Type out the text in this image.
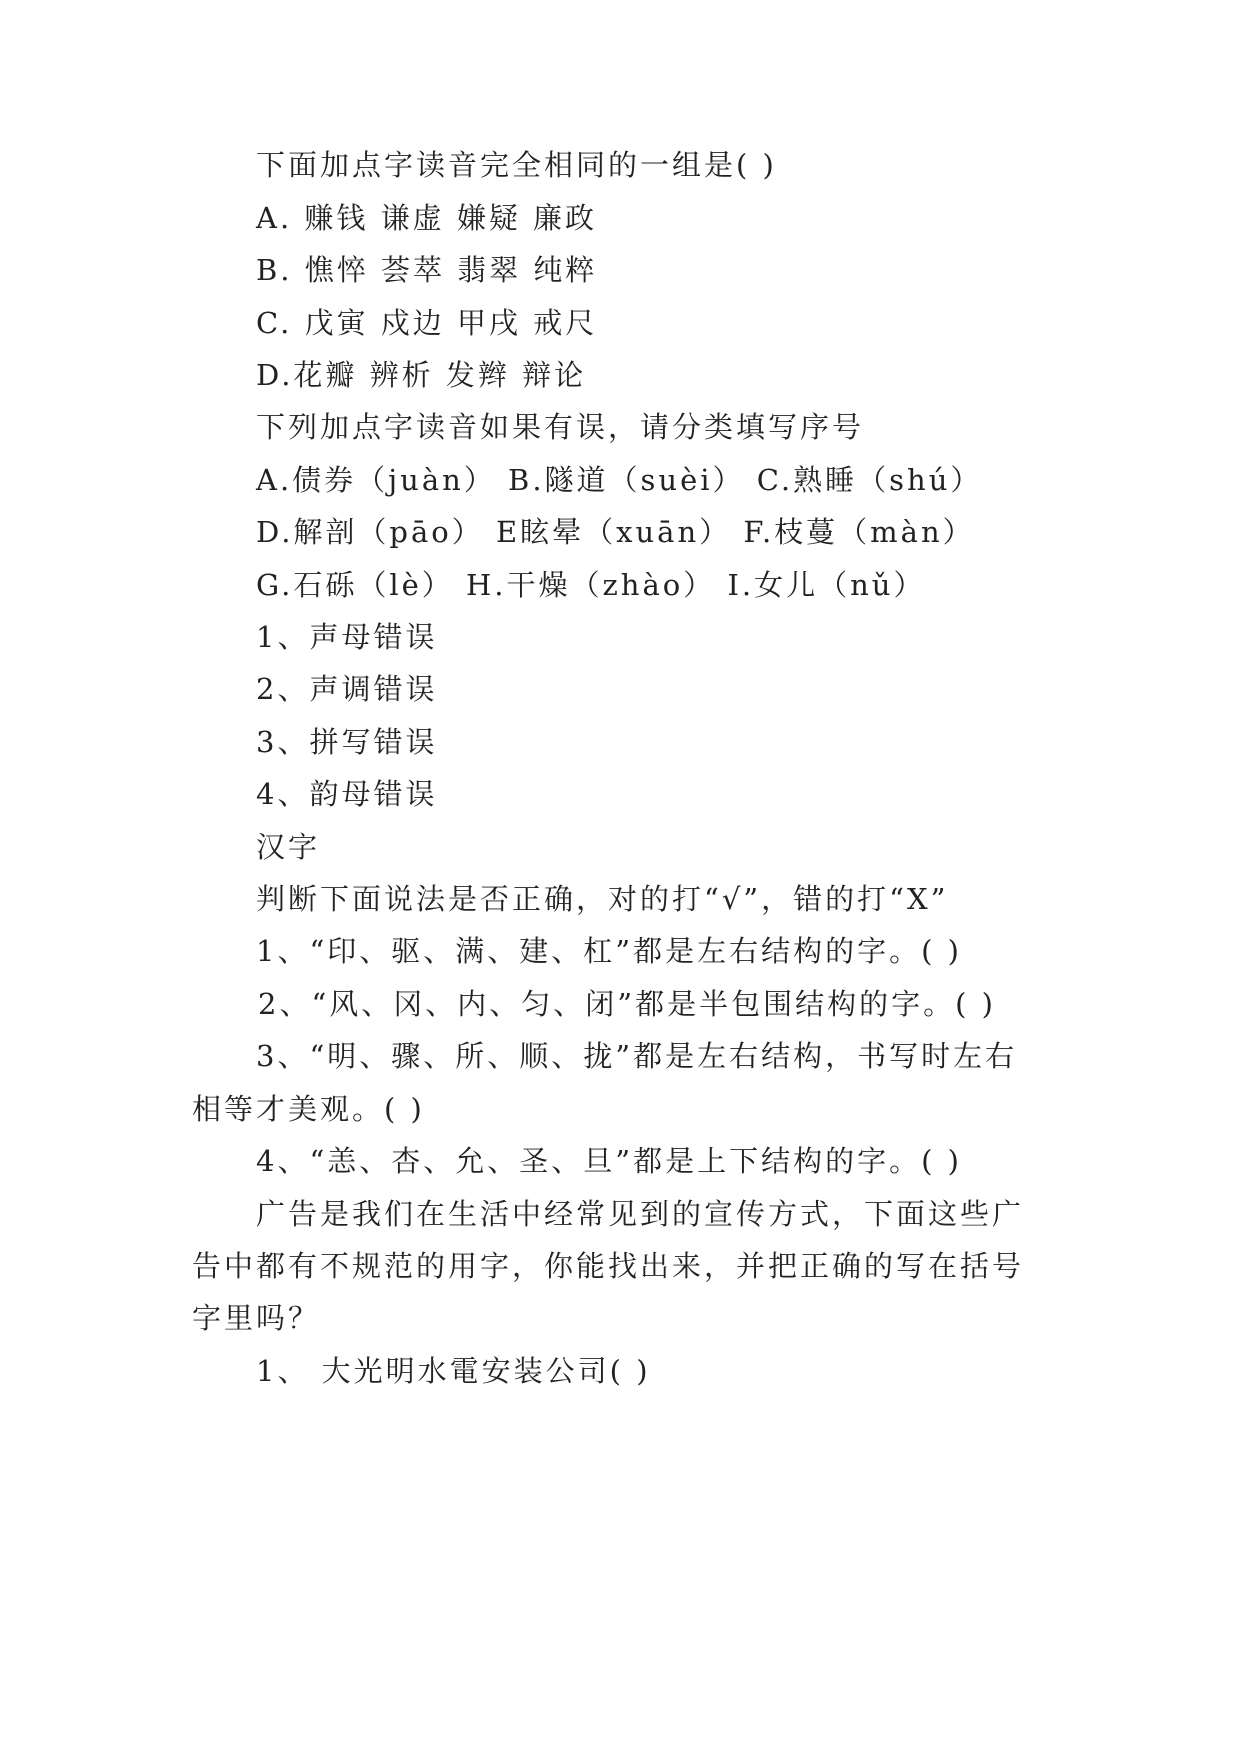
下面加点字读音完全相同的一组是( )
A. 赚钱 谦虚 嫌疑 廉政
B. 憔悴 荟萃 翡翠 纯粹
C. 戊寅 戍边 甲戌 戒尺
D.花瓣 辨析 发辫 辩论
下列加点字读音如果有误，请分类填写序号
A.债券（juàn） B.隧道（suèi） C.熟睡（shú）
D.解剖（pāo） E眩晕（xuān） F.枝蔓（màn）
G.石砾（lè） H.干燥（zhào） I.女儿（nǔ）
1、声母错误
2、声调错误
3、拼写错误
4、韵母错误
汉字
判断下面说法是否正确，对的打“√”，错的打“X”
1、“印、驱、满、建、杠”都是左右结构的字。( )
2、“风、冈、内、匀、闭”都是半包围结构的字。( )
3、“明、骤、所、顺、拢”都是左右结构，书写时左右
相等才美观。( )
4、“恙、杏、允、圣、旦”都是上下结构的字。( )
广告是我们在生活中经常见到的宣传方式，下面这些广
告中都有不规范的用字，你能找出来，并把正确的写在括号
字里吗？
1、 大光明水電安装公司( )
